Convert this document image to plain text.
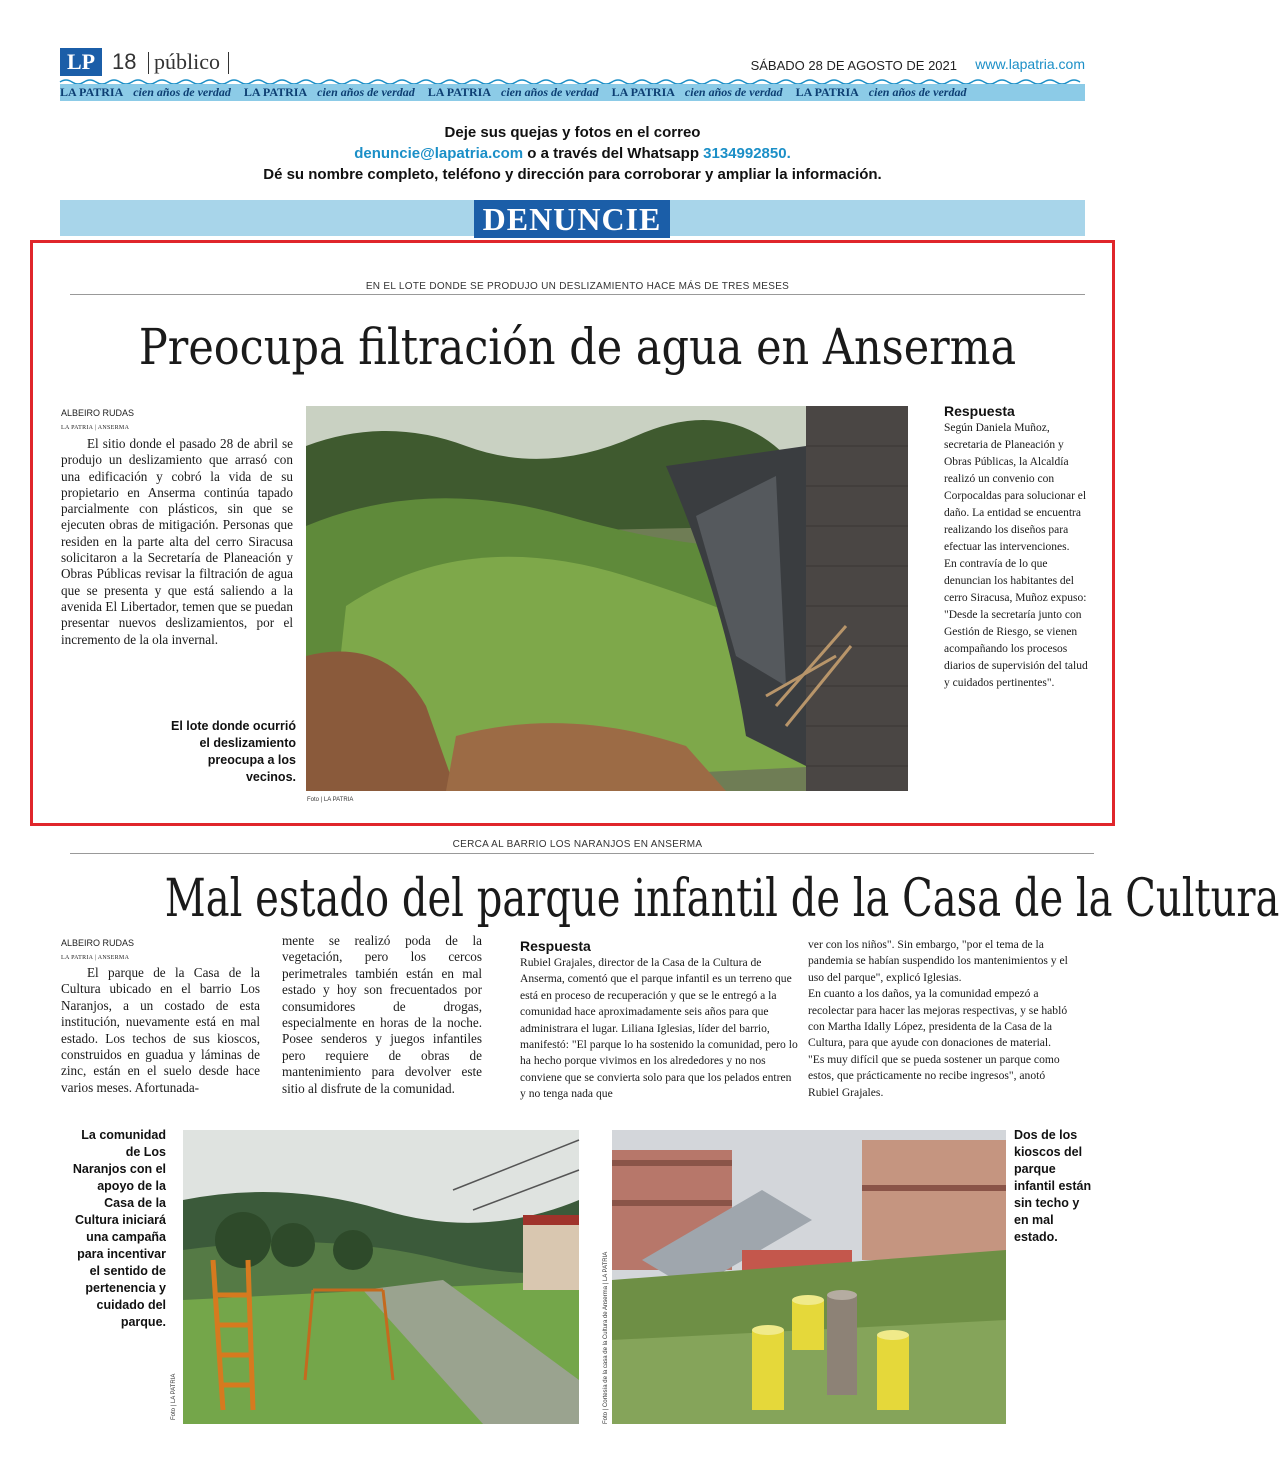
LP 18 público	SÁBADO 28 DE AGOSTO DE 2021 www.lapatria.com
LA PATRIA cien años de verdad LA PATRIA cien años de verdad LA PATRIA cien años de verdad LA PATRIA cien años de verdad LA PATRIA cien años de verdad
Deje sus quejas y fotos en el correo
denuncie@lapatria.com o a través del Whatsapp 3134992850.
Dé su nombre completo, teléfono y dirección para corroborar y ampliar la información.
DENUNCIE
EN EL LOTE DONDE SE PRODUJO UN DESLIZAMIENTO HACE MÁS DE TRES MESES
Preocupa filtración de agua en Anserma
ALBEIRO RUDAS
LA PATRIA | ANSERMA

El sitio donde el pasado 28 de abril se produjo un deslizamiento que arrasó con una edificación y cobró la vida de su propietario en Anserma continúa tapado parcialmente con plásticos, sin que se ejecuten obras de mitigación. Personas que residen en la parte alta del cerro Siracusa solicitaron a la Secretaría de Planeación y Obras Públicas revisar la filtración de agua que se presenta y que está saliendo a la avenida El Libertador, temen que se puedan presentar nuevos deslizamientos, por el incremento de la ola invernal.

El lote donde ocurrió el deslizamiento preocupa a los vecinos.
Foto | LA PATRIA
Respuesta
Según Daniela Muñoz, secretaria de Planeación y Obras Públicas, la Alcaldía realizó un convenio con Corpocaldas para solucionar el daño. La entidad se encuentra realizando los diseños para efectuar las intervenciones.
En contravía de lo que denuncian los habitantes del cerro Siracusa, Muñoz expuso: "Desde la secretaría junto con Gestión de Riesgo, se vienen acompañando los procesos diarios de supervisión del talud y cuidados pertinentes".
CERCA AL BARRIO LOS NARANJOS EN ANSERMA
Mal estado del parque infantil de la Casa de la Cultura
ALBEIRO RUDAS
LA PATRIA | ANSERMA

El parque de la Casa de la Cultura ubicado en el barrio Los Naranjos, a un costado de esta institución, nuevamente está en mal estado. Los techos de sus kioscos, construidos en guadua y láminas de zinc, están en el suelo desde hace varios meses. Afortunada-

mente se realizó poda de la vegetación, pero los cercos perimetrales también están en mal estado y hoy son frecuentados por consumidores de drogas, especialmente en horas de la noche. Posee senderos y juegos infantiles pero requiere de obras de mantenimiento para devolver este sitio al disfrute de la comunidad.
Respuesta
Rubiel Grajales, director de la Casa de la Cultura de Anserma, comentó que el parque infantil es un terreno que está en proceso de recuperación y que se le entregó a la comunidad hace aproximadamente seis años para que administrara el lugar. Liliana Iglesias, líder del barrio, manifestó: "El parque lo ha sostenido la comunidad, pero lo ha hecho porque vivimos en los alrededores y no nos conviene que se convierta solo para que los pelados entren y no tenga nada que
ver con los niños". Sin embargo, "por el tema de la pandemia se habían suspendido los mantenimientos y el uso del parque", explicó Iglesias.
En cuanto a los daños, ya la comunidad empezó a recolectar para hacer las mejoras respectivas, y se habló con Martha Idally López, presidenta de la Casa de la Cultura, para que ayude con donaciones de material. "Es muy difícil que se pueda sostener un parque como estos, que prácticamente no recibe ingresos", anotó Rubiel Grajales.
La comunidad de Los Naranjos con el apoyo de la Casa de la Cultura iniciará una campaña para incentivar el sentido de pertenencia y cuidado del parque.
Foto | LA PATRIA	Foto | Cortesía de la casa de la Cultura de Anserma | LA PATRIA
Dos de los kioscos del parque infantil están sin techo y en mal estado.
